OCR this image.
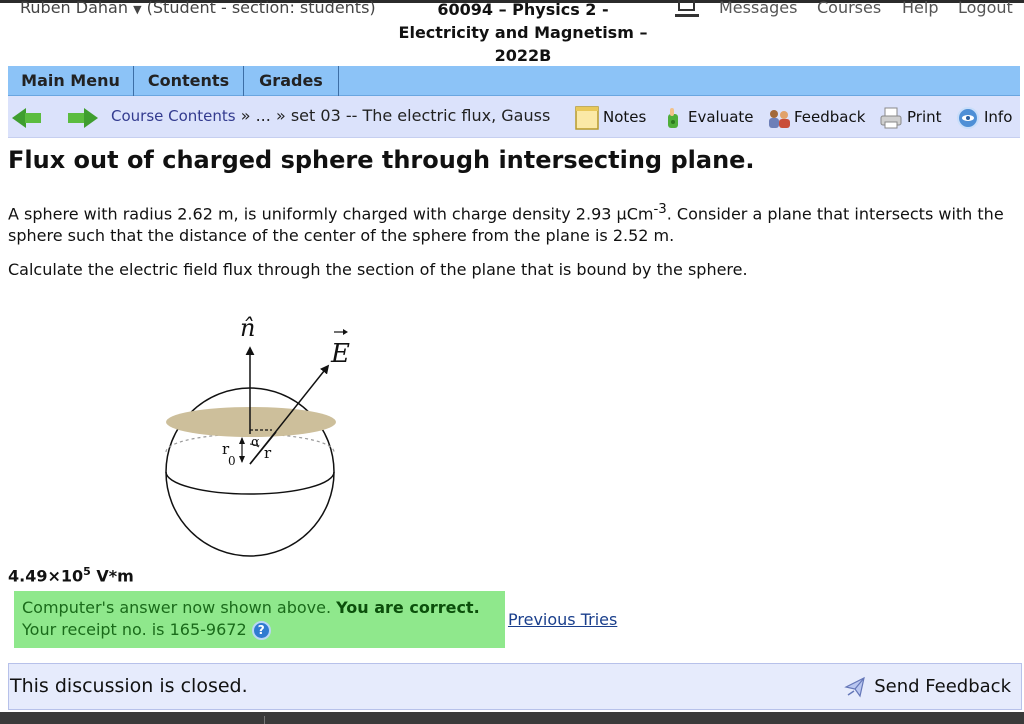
Ruben Dahan ▼ (Student - section: students)	60094 – Physics 2 -
Electricity and Magnetism –
2022B
Messages Courses Help Logout
Main Menu	Contents	Grades
Course Contents » ... » set 03 -- The electric flux, Gauss	Notes	Evaluate	Feedback	Print	Info
Flux out of charged sphere through intersecting plane.
A sphere with radius 2.62 m, is uniformly charged with charge density 2.93 μCm$^{-3}$. Consider a plane that intersects with the sphere such that the distance of the center of the sphere from the plane is 2.52 m.
Calculate the electric field flux through the section of the plane that is bound by the sphere.
n̂
E
α
r
0 r
$4.49\times 10^5$ V*m
Computer's answer now shown above. You are correct.
Your receipt no. is 165-9672 ?
Previous Tries
This discussion is closed.	Send Feedback
